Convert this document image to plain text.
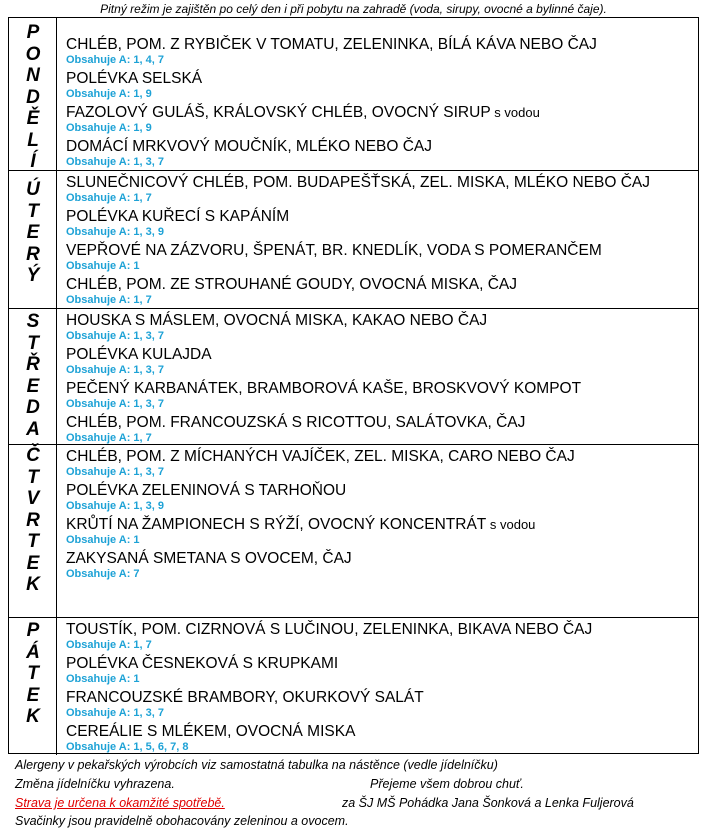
Pitný režim je zajištěn po celý den i při pobytu na zahradě (voda, sirupy, ovocné a bylinné čaje).
P
O
N
D
Ě
L
Í
CHLÉB, POM. Z RYBIČEK V TOMATU, ZELENINKA, BÍLÁ KÁVA NEBO ČAJ
Obsahuje A: 1, 4, 7
POLÉVKA SELSKÁ
Obsahuje A: 1, 9
FAZOLOVÝ GULÁŠ, KRÁLOVSKÝ CHLÉB, OVOCNÝ SIRUP s vodou
Obsahuje A: 1, 9
DOMÁCÍ MRKVOVÝ MOUČNÍK, MLÉKO NEBO ČAJ
Obsahuje A: 1, 3, 7
Ú
T
E
R
Ý
SLUNEČNICOVÝ CHLÉB, POM. BUDAPEŠŤSKÁ, ZEL. MISKA, MLÉKO NEBO ČAJ
Obsahuje A: 1, 7
POLÉVKA KUŘECÍ S KAPÁNÍM
Obsahuje A: 1, 3, 9
VEPŘOVÉ NA ZÁZVORU, ŠPENÁT, BR. KNEDLÍK, VODA S POMERANČEM
Obsahuje A: 1
CHLÉB, POM. ZE STROUHANÉ GOUDY, OVOCNÁ MISKA, ČAJ
Obsahuje A: 1, 7
S
T
Ř
E
D
A
HOUSKA S MÁSLEM, OVOCNÁ MISKA, KAKAO NEBO ČAJ
Obsahuje A: 1, 3, 7
POLÉVKA KULAJDA
Obsahuje A: 1, 3, 7
PEČENÝ KARBANÁTEK, BRAMBOROVÁ KAŠE, BROSKVOVÝ KOMPOT
Obsahuje A: 1, 3, 7
CHLÉB, POM. FRANCOUZSKÁ S RICOTTOU, SALÁTOVKA, ČAJ
Obsahuje A: 1, 7
Č
T
V
R
T
E
K
CHLÉB, POM. Z MÍCHANÝCH VAJÍČEK, ZEL. MISKA, CARO NEBO ČAJ
Obsahuje A: 1, 3, 7
POLÉVKA ZELENINOVÁ S TARHOŇOU
Obsahuje A: 1, 3, 9
KRŮTÍ NA ŽAMPIONECH S RÝŽÍ, OVOCNÝ KONCENTRÁT s vodou
Obsahuje A: 1
ZAKYSANÁ SMETANA S OVOCEM, ČAJ
Obsahuje A: 7
P
Á
T
E
K
TOUSTÍK, POM. CIZRNOVÁ S LUČINOU, ZELENINKA, BIKAVA NEBO ČAJ
Obsahuje A: 1, 7
POLÉVKA ČESNEKOVÁ S KRUPKAMI
Obsahuje A: 1
FRANCOUZSKÉ BRAMBORY, OKURKOVÝ SALÁT
Obsahuje A: 1, 3, 7
CEREÁLIE S MLÉKEM, OVOCNÁ MISKA
Obsahuje A: 1, 5, 6, 7, 8
Alergeny v pekařských výrobcích viz samostatná tabulka na nástěnce (vedle jídelníčku)
Změna jídelníčku vyhrazena.	Přejeme všem dobrou chuť.
Strava je určena k okamžité spotřebě.	za ŠJ MŠ Pohádka Jana Šonková a Lenka Fuljerová
Svačinky jsou pravidelně obohacovány zeleninou a ovocem.
